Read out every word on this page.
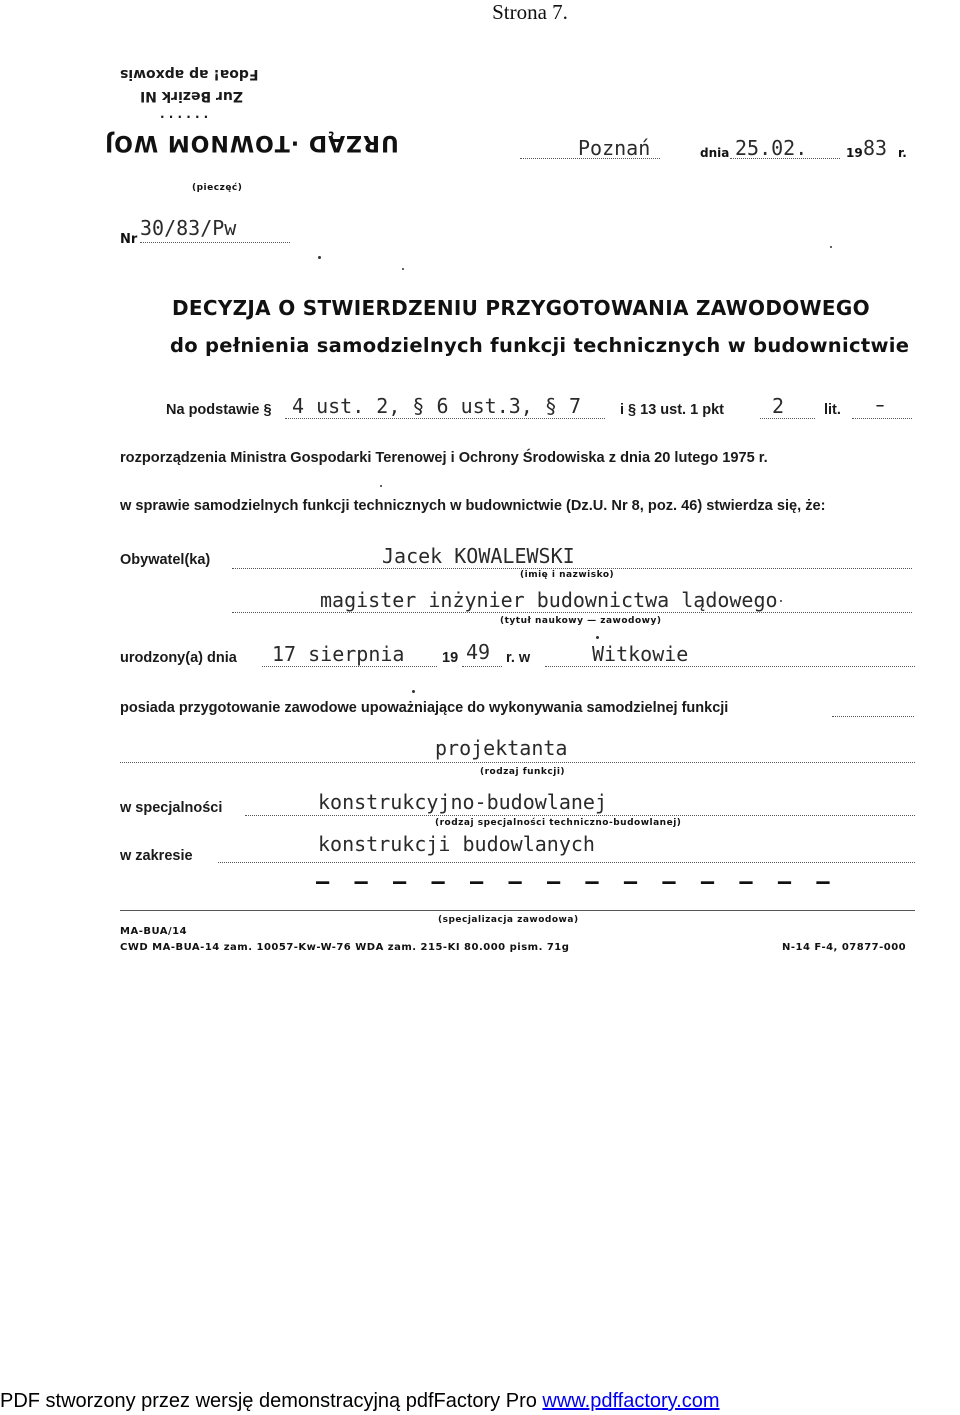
Strona 7.
Fdoa! ap apxowis
Zur Bezirk NI
· · · · · ·
URZĄD ·TOWNOM WOJ
(pieczęć)
Poznań	dnia 25.02.	19 83 r.
Nr 30/83/Pw
DECYZJA O STWIERDZENIU PRZYGOTOWANIA ZAWODOWEGO
do pełnienia samodzielnych funkcji technicznych w budownictwie
Na podstawie § 4 ust. 2, § 6 ust.3, § 7	i § 13 ust. 1 pkt 2	lit. –
rozporządzenia Ministra Gospodarki Terenowej i Ochrony Środowiska z dnia 20 lutego 1975 r.
w sprawie samodzielnych funkcji technicznych w budownictwie (Dz.U. Nr 8, poz. 46) stwierdza się, że:
Obywatel(ka)	Jacek KOWALEWSKI
(imię i nazwisko)
magister inżynier budownictwa lądowego
(tytuł naukowy — zawodowy)
urodzony(a) dnia 17 sierpnia	19 49 r. w	Witkowie
posiada przygotowanie zawodowe upoważniające do wykonywania samodzielnej funkcji
projektanta
(rodzaj funkcji)
w specjalności	konstrukcyjno-budowlanej
(rodzaj specjalności techniczno-budowlanej)
w zakresie	konstrukcji budowlanych
– – – – – – – – – – – – – –
(specjalizacja zawodowa)
MA-BUA/14
CWD MA-BUA-14 zam. 10057-Kw-W-76 WDA zam. 215-KI 80.000 pism. 71g	N-14 F-4, 07877-000
PDF stworzony przez wersję demonstracyjną pdfFactory Pro www.pdffactory.com
